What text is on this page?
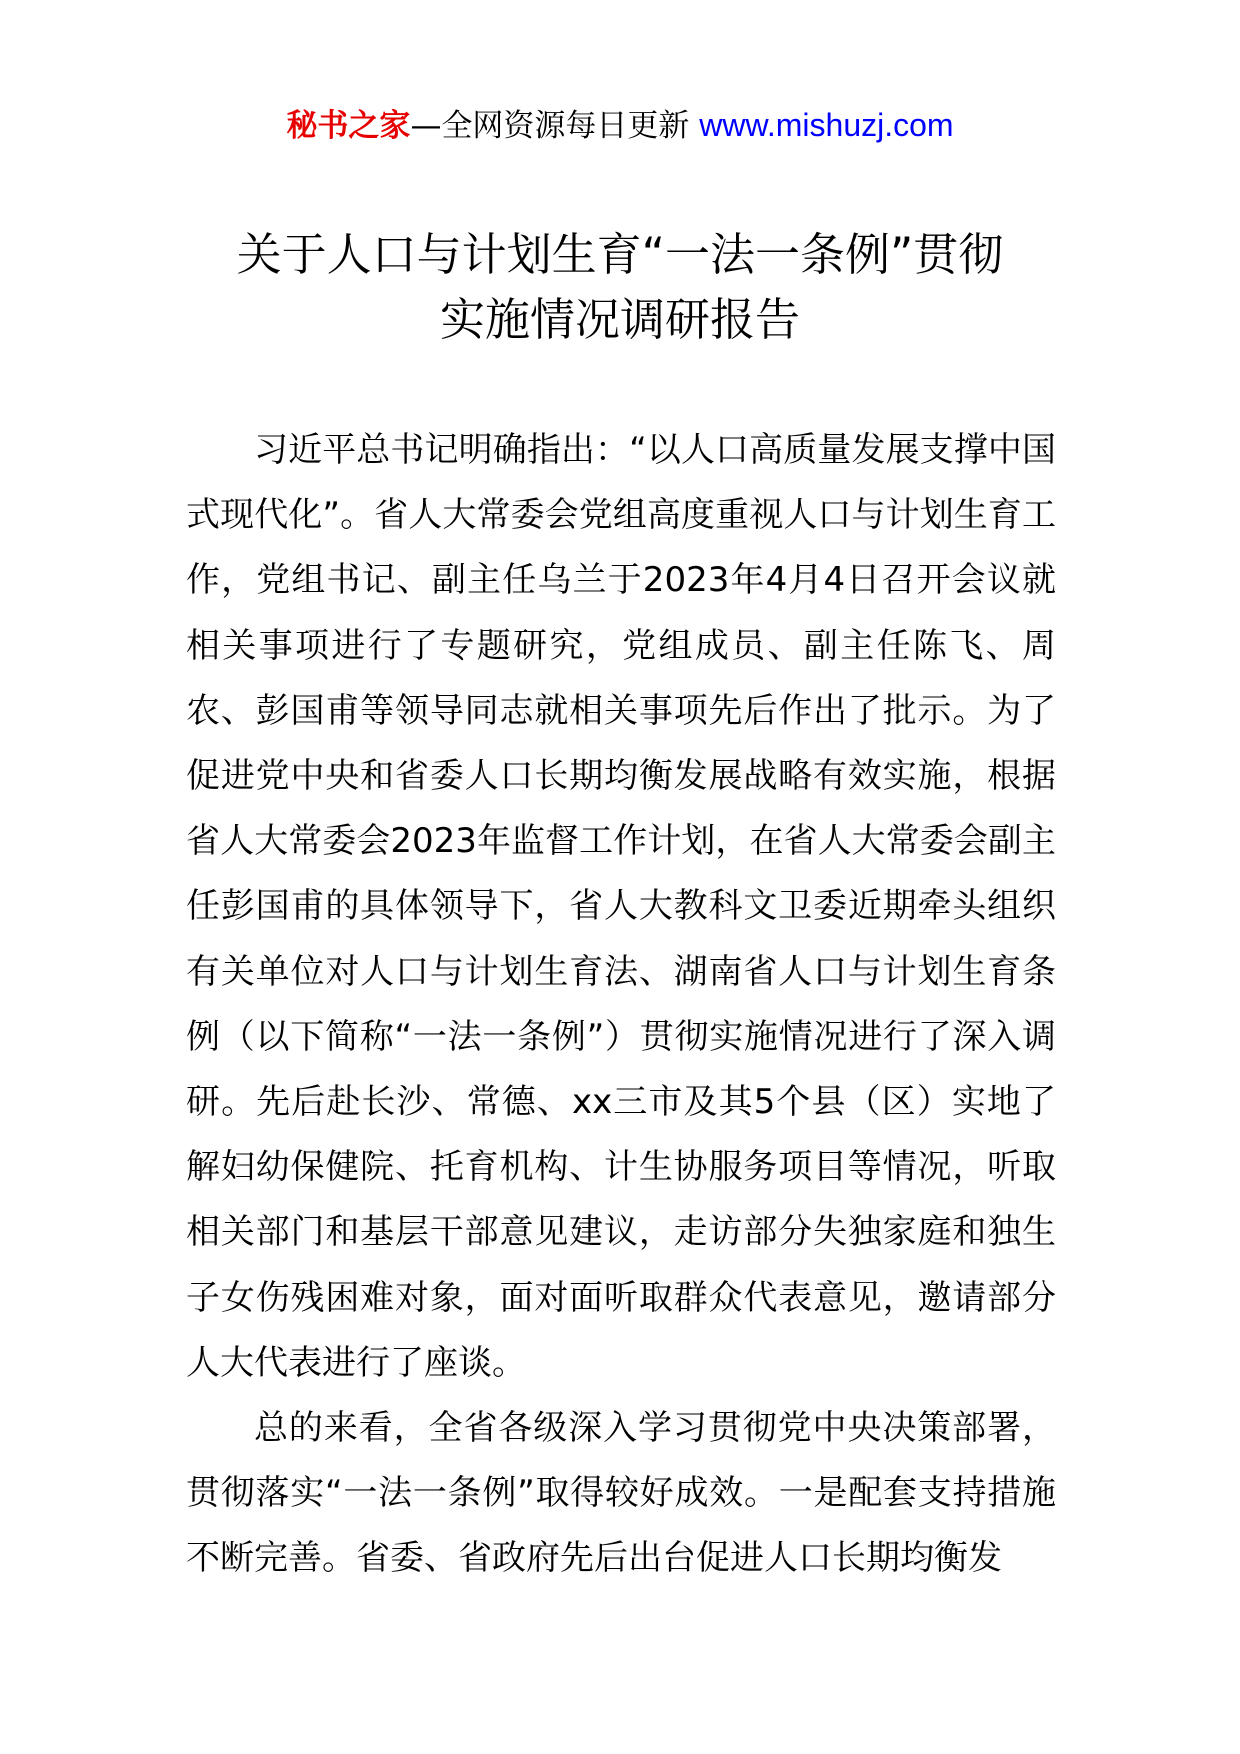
秘书之家—全网资源每日更新 www.mishuzj.com
关于人口与计划生育“一法一条例”贯彻
实施情况调研报告

习近平总书记明确指出：“以人口高质量发展支撑中国式现代化”。省人大常委会党组高度重视人口与计划生育工作，党组书记、副主任乌兰于2023年4月4日召开会议就相关事项进行了专题研究，党组成员、副主任陈飞、周农、彭国甫等领导同志就相关事项先后作出了批示。为了促进党中央和省委人口长期均衡发展战略有效实施，根据省人大常委会2023年监督工作计划，在省人大常委会副主任彭国甫的具体领导下，省人大教科文卫委近期牵头组织有关单位对人口与计划生育法、湖南省人口与计划生育条例（以下简称“一法一条例”）贯彻实施情况进行了深入调研。先后赴长沙、常德、xx三市及其5个县（区）实地了解妇幼保健院、托育机构、计生协服务项目等情况，听取相关部门和基层干部意见建议，走访部分失独家庭和独生子女伤残困难对象，面对面听取群众代表意见，邀请部分人大代表进行了座谈。

总的来看，全省各级深入学习贯彻党中央决策部署，贯彻落实“一法一条例”取得较好成效。一是配套支持措施不断完善。省委、省政府先后出台促进人口长期均衡发
